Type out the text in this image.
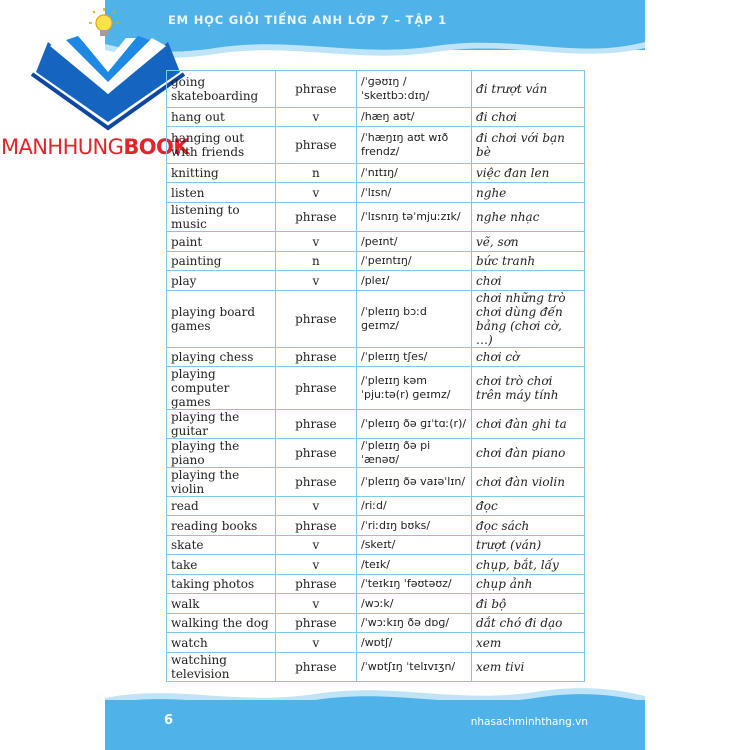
EM HỌC GIỎI TIẾNG ANH LỚP 7 – TẬP 1
MANHHUNGBOOK
going skateboarding	phrase	/ˈɡəʊɪŋ / ˈskeɪtbɔːdɪŋ/	đi trượt ván
hang out	v	/hæŋ aʊt/	đi chơi
hanging out with friends	phrase	/ˈhæŋɪŋ aʊt wɪð frendz/	đi chơi với bạn bè
knitting	n	/ˈnɪtɪŋ/	việc đan len
listen	v	/ˈlɪsn/	nghe
listening to music	phrase	/ˈlɪsnɪŋ təˈmjuːzɪk/	nghe nhạc
paint	v	/peɪnt/	vẽ, sơn
painting	n	/ˈpeɪntɪŋ/	bức tranh
play	v	/pleɪ/	chơi
playing board games	phrase	/ˈpleɪɪŋ bɔːd ɡeɪmz/	chơi những trò chơi dùng đến bảng (chơi cờ, …)
playing chess	phrase	/ˈpleɪɪŋ tʃes/	chơi cờ
playing computer games	phrase	/ˈpleɪɪŋ kəmˈpjuːtə(r) ɡeɪmz/	chơi trò chơi trên máy tính
playing the guitar	phrase	/ˈpleɪɪŋ ðə ɡɪˈtɑː(r)/	chơi đàn ghi ta
playing the piano	phrase	/ˈpleɪɪŋ ðə piˈænəʊ/	chơi đàn piano
playing the violin	phrase	/ˈpleɪɪŋ ðə vaɪəˈlɪn/	chơi đàn violin
read	v	/riːd/	đọc
reading books	phrase	/ˈriːdɪŋ bʊks/	đọc sách
skate	v	/skeɪt/	trượt (ván)
take	v	/teɪk/	chụp, bắt, lấy
taking photos	phrase	/ˈteɪkɪŋ ˈfəʊtəʊz/	chụp ảnh
walk	v	/wɔːk/	đi bộ
walking the dog	phrase	/ˈwɔːkɪŋ ðə dɒɡ/	dắt chó đi dạo
watch	v	/wɒtʃ/	xem
watching television	phrase	/ˈwɒtʃɪŋ ˈtelɪvɪʒn/	xem tivi
6	nhasachminhthang.vn
